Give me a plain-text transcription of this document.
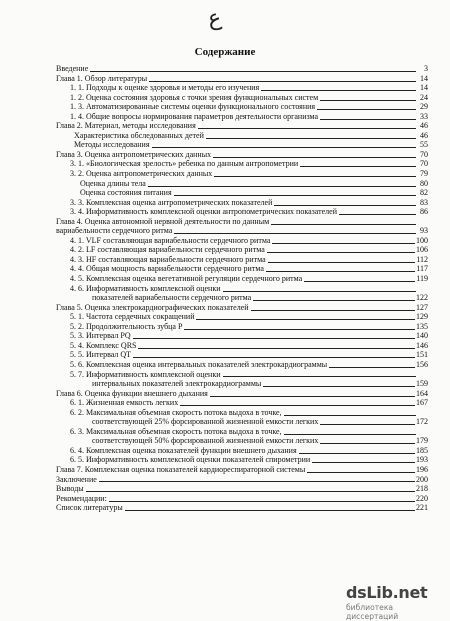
ع
Содержание
Введение	3
Глава 1. Обзор литературы	14
1. 1. Подходы к оценке здоровья и методы его изучения	14
1. 2. Оценка состояния здоровья с точки зрения функциональных систем	24
1. 3. Автоматизированные системы оценки функционального состояния	29
1. 4. Общие вопросы нормирования параметров деятельности организма	33
Глава 2. Материал, методы исследования	46
Характеристика обследованных детей	46
Методы исследования	55
Глава 3. Оценка антропометрических данных	70
3. 1. «Биологическая зрелость» ребенка по данным антропометрии	70
3. 2. Оценка антропометрических данных	79
Оценка длины тела	80
Оценка состояния питания	82
3. 3. Комплексная оценка антропометрических показателей	83
3. 4. Информативность комплексной оценки антропометрических показателей	86
Глава 4. Оценка автономной нервной деятельности по данным
вариабельности сердечного ритма	93
4. 1. VLF составляющая вариабельности сердечного ритма	100
4. 2. LF составляющая вариабельности сердечного ритма	106
4. 3. HF составляющая вариабельности сердечного ритма	112
4. 4. Общая мощность вариабельности сердечного ритма	117
4. 5. Комплексная оценка вегетативной регуляции сердечного ритма	119
4. 6. Информативность комплексной оценки
показателей вариабельности сердечного ритма	122
Глава 5. Оценка электрокардиографических показателей	127
5. 1. Частота сердечных сокращений	129
5. 2. Продолжительность зубца Р	135
5. 3. Интервал PQ	140
5. 4. Комплекс QRS	146
5. 5. Интервал QT	151
5. 6. Комплексная оценка интервальных показателей электрокардиограммы	156
5. 7. Информативность комплексной оценки
интервальных показателей электрокардиограммы	159
Глава 6. Оценка функции внешнего дыхания	164
6. 1. Жизненная емкость легких	167
6. 2. Максимальная объемная скорость потока выдоха в точке,
соответствующей 25% форсированной жизненной емкости легких	172
6. 3. Максимальная объемная скорость потока выдоха в точке,
соответствующей 50% форсированной жизненной емкости легких	179
6. 4. Комплексная оценка показателей функции внешнего дыхания	185
6. 5. Информативность комплексной оценки показателей спирометрии	193
Глава 7. Комплексная оценка показателей кардиореспираторной системы	196
Заключение	200
Выводы	218
Рекомендации:	220
Список литературы	221
dsLib.net
библиотека диссертаций
